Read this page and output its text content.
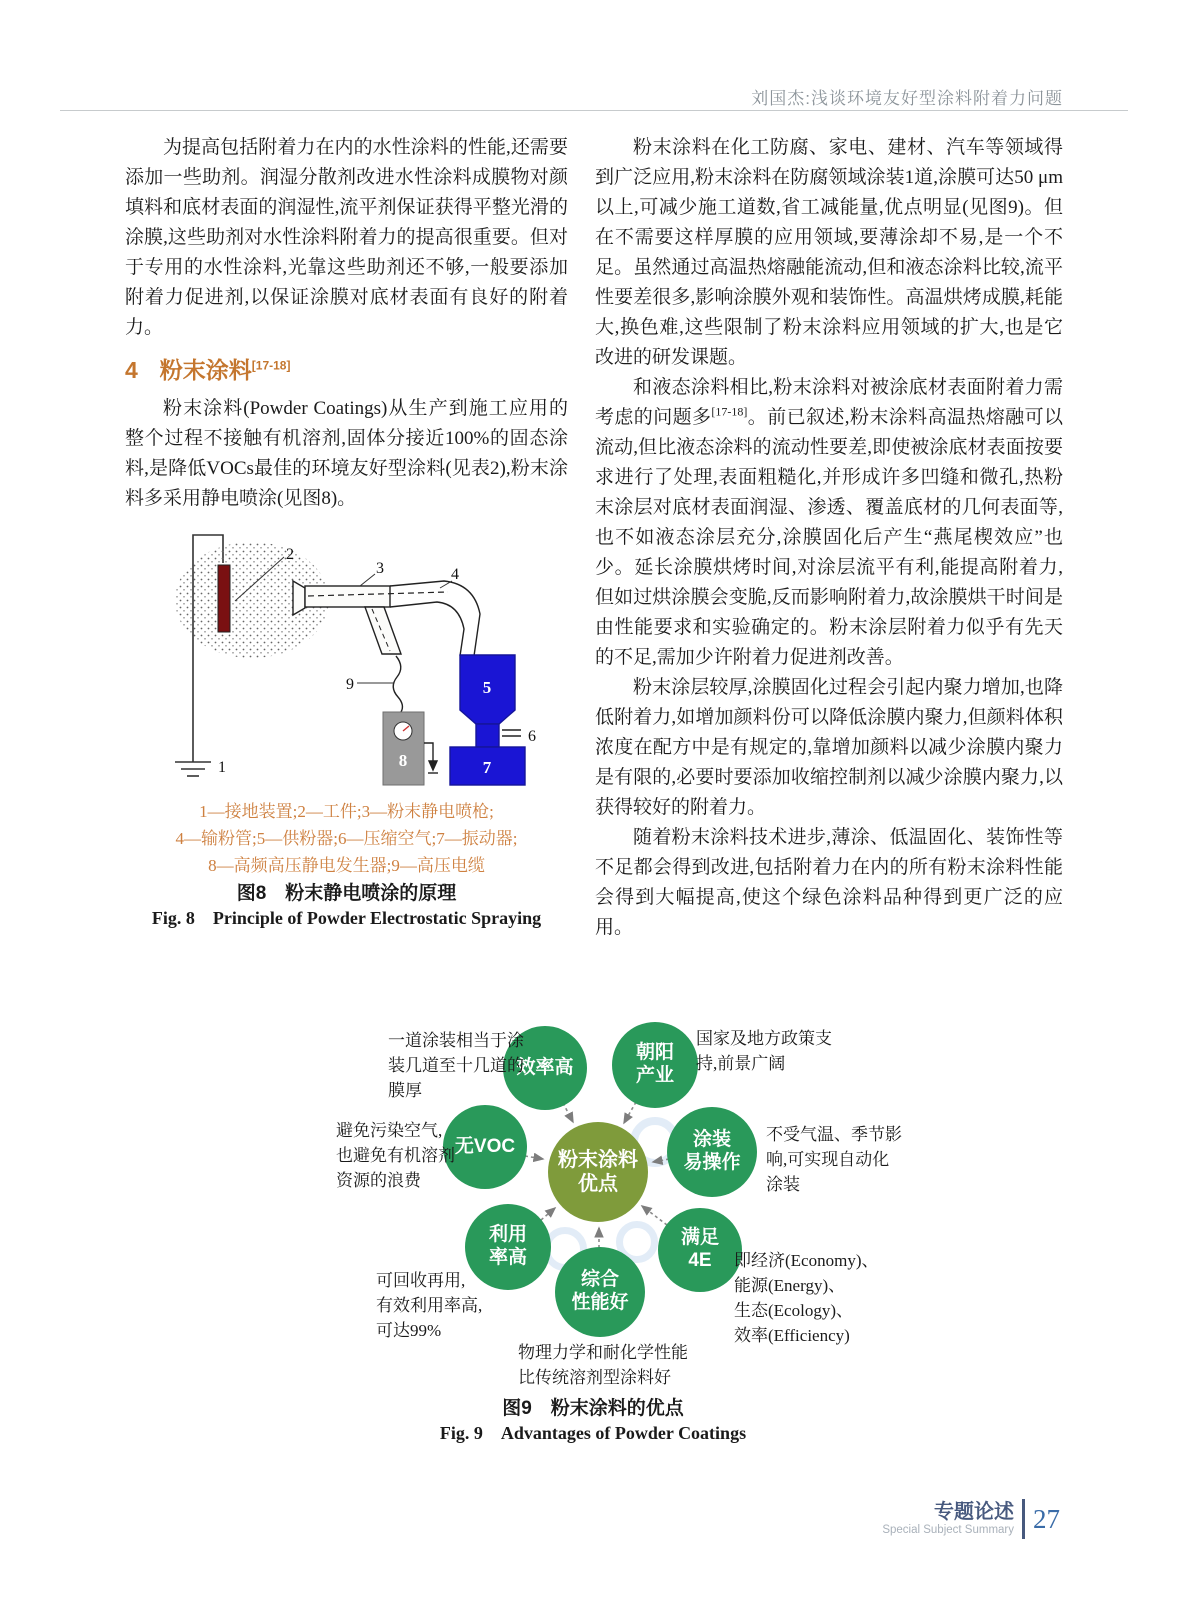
刘国杰:浅谈环境友好型涂料附着力问题

为提高包括附着力在内的水性涂料的性能,还需要添加一些助剂。润湿分散剂改进水性涂料成膜物对颜填料和底材表面的润湿性,流平剂保证获得平整光滑的涂膜,这些助剂对水性涂料附着力的提高很重要。但对于专用的水性涂料,光靠这些助剂还不够,一般要添加附着力促进剂,以保证涂膜对底材表面有良好的附着力。

4 粉末涂料[17-18]

粉末涂料(Powder Coatings)从生产到施工应用的整个过程不接触有机溶剂,固体分接近100%的固态涂料,是降低VOCs最佳的环境友好型涂料(见表2),粉末涂料多采用静电喷涂(见图8)。

粉末涂料在化工防腐、家电、建材、汽车等领域得到广泛应用,粉末涂料在防腐领域涂装1道,涂膜可达50 μm以上,可减少施工道数,省工减能量,优点明显(见图9)。但在不需要这样厚膜的应用领域,要薄涂却不易,是一个不足。虽然通过高温热熔融能流动,但和液态涂料比较,流平性要差很多,影响涂膜外观和装饰性。高温烘烤成膜,耗能大,换色难,这些限制了粉末涂料应用领域的扩大,也是它改进的研发课题。

和液态涂料相比,粉末涂料对被涂底材表面附着力需考虑的问题多[17-18]。前已叙述,粉末涂料高温热熔融可以流动,但比液态涂料的流动性要差,即使被涂底材表面按要求进行了处理,表面粗糙化,并形成许多凹缝和微孔,热粉末涂层对底材表面润湿、渗透、覆盖底材的几何表面等,也不如液态涂层充分,涂膜固化后产生“燕尾楔效应”也少。延长涂膜烘烤时间,对涂层流平有利,能提高附着力,但如过烘涂膜会变脆,反而影响附着力,故涂膜烘干时间是由性能要求和实验确定的。粉末涂层附着力似乎有先天的不足,需加少许附着力促进剂改善。

粉末涂层较厚,涂膜固化过程会引起内聚力增加,也降低附着力,如增加颜料份可以降低涂膜内聚力,但颜料体积浓度在配方中是有规定的,靠增加颜料以减少涂膜内聚力是有限的,必要时要添加收缩控制剂以减少涂膜内聚力,以获得较好的附着力。

随着粉末涂料技术进步,薄涂、低温固化、装饰性等不足都会得到改进,包括附着力在内的所有粉末涂料性能会得到大幅提高,使这个绿色涂料品种得到更广泛的应用。

1
2
3	4
6
9	5
7
8
1—接地装置;2—工件;3—粉末静电喷枪;
4—输粉管;5—供粉器;6—压缩空气;7—振动器;
8—高频高压静电发生器;9—高压电缆
图8　粉末静电喷涂的原理
Fig. 8　Principle of Powder Electrostatic Spraying
粉末涂料
优点
效率高
朝阳
产业
无VOC	涂装
易操作
利用
率高
满足
4E
综合
性能好
一道涂装相当于涂
装几道至十几道的
膜厚
国家及地方政策支
持,前景广阔
避免污染空气,
也避免有机溶剂
资源的浪费
不受气温、季节影
响,可实现自动化
涂装
可回收再用,
有效利用率高,
可达99%
即经济(Economy)、
能源(Energy)、
生态(Ecology)、
效率(Efficiency)
物理力学和耐化学性能
比传统溶剂型涂料好
图9　粉末涂料的优点
Fig. 9　Advantages of Powder Coatings
专题论述
Special Subject Summary 27
